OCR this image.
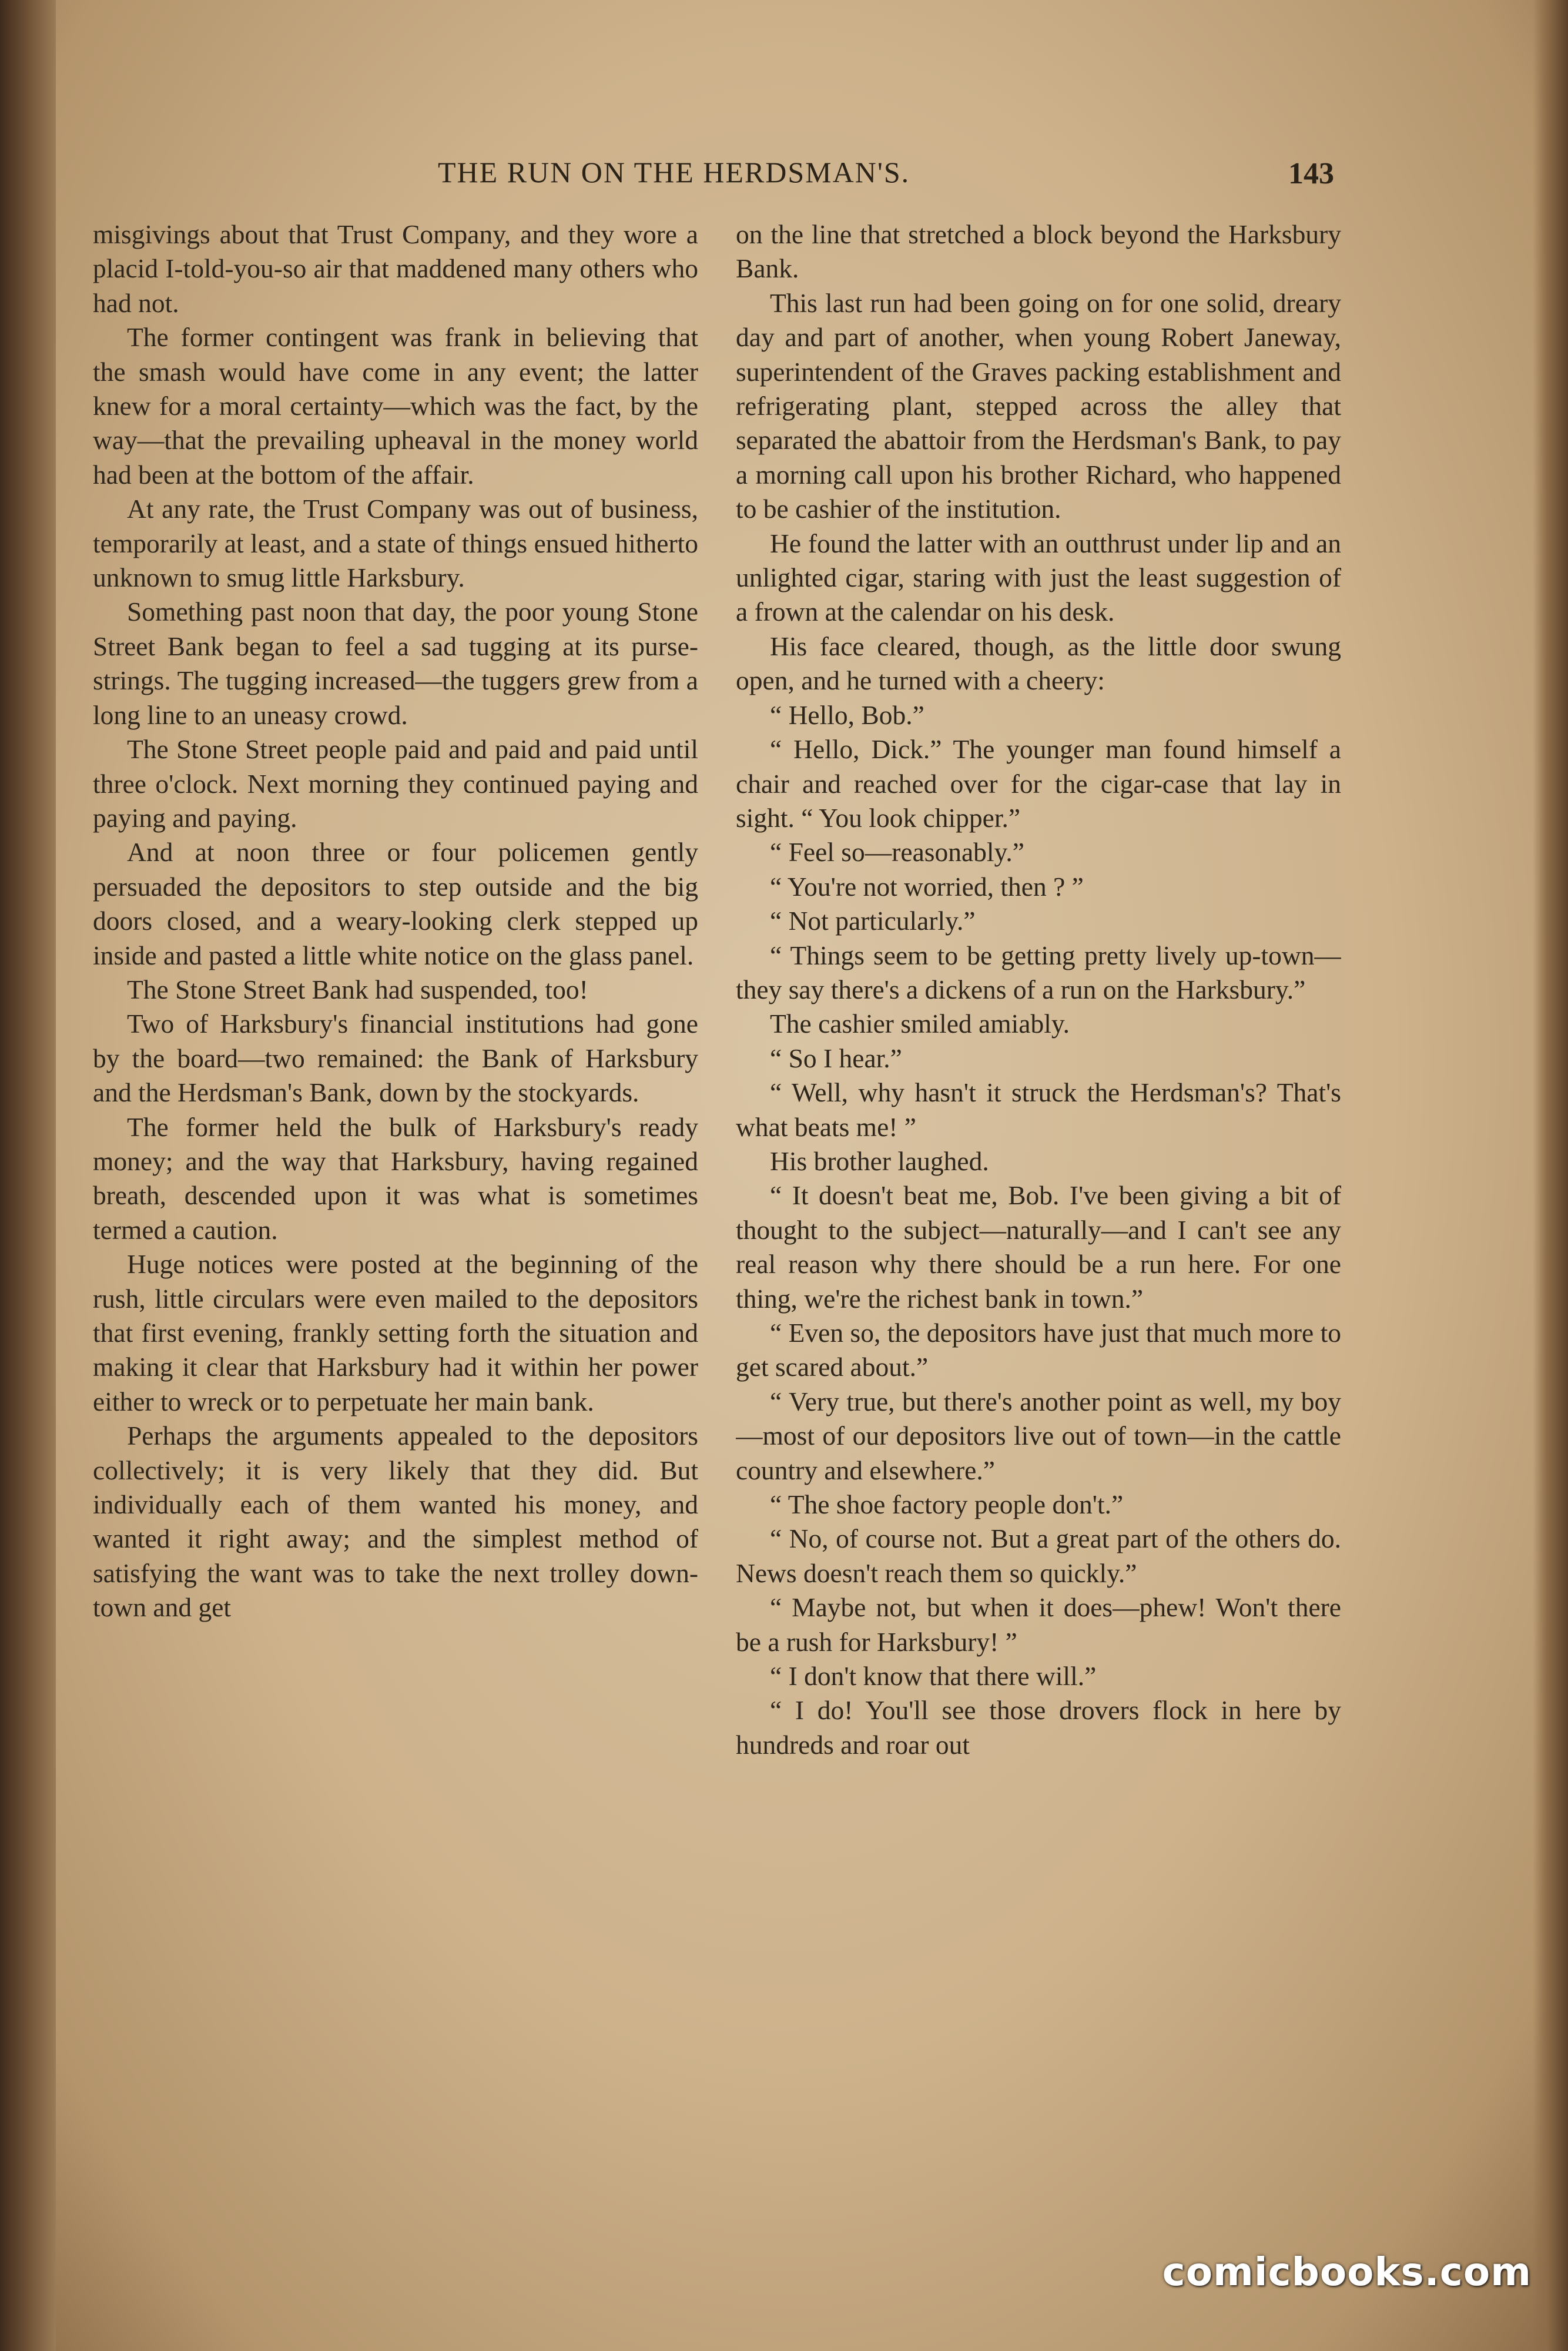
THE RUN ON THE HERDSMAN'S.	143

misgivings about that Trust Company, and they wore a placid I-told-you-so air that maddened many others who had not.

The former contingent was frank in believing that the smash would have come in any event; the latter knew for a moral certainty—which was the fact, by the way—that the prevailing upheaval in the money world had been at the bottom of the affair.

At any rate, the Trust Company was out of business, temporarily at least, and a state of things ensued hitherto unknown to smug little Harksbury.

Something past noon that day, the poor young Stone Street Bank began to feel a sad tugging at its purse-strings. The tugging increased—the tuggers grew from a long line to an uneasy crowd.

The Stone Street people paid and paid and paid until three o'clock. Next morning they continued paying and paying and paying.

And at noon three or four policemen gently persuaded the depositors to step outside and the big doors closed, and a weary-looking clerk stepped up inside and pasted a little white notice on the glass panel.

The Stone Street Bank had suspended, too!

Two of Harksbury's financial institutions had gone by the board—two remained: the Bank of Harksbury and the Herdsman's Bank, down by the stockyards.

The former held the bulk of Harksbury's ready money; and the way that Harksbury, having regained breath, descended upon it was what is sometimes termed a caution.

Huge notices were posted at the beginning of the rush, little circulars were even mailed to the depositors that first evening, frankly setting forth the situation and making it clear that Harksbury had it within her power either to wreck or to perpetuate her main bank.

Perhaps the arguments appealed to the depositors collectively; it is very likely that they did. But individually each of them wanted his money, and wanted it right away; and the simplest method of satisfying the want was to take the next trolley down-town and get

on the line that stretched a block beyond the Harksbury Bank.

This last run had been going on for one solid, dreary day and part of another, when young Robert Janeway, superintendent of the Graves packing establishment and refrigerating plant, stepped across the alley that separated the abattoir from the Herdsman's Bank, to pay a morning call upon his brother Richard, who happened to be cashier of the institution.

He found the latter with an outthrust under lip and an unlighted cigar, staring with just the least suggestion of a frown at the calendar on his desk.

His face cleared, though, as the little door swung open, and he turned with a cheery:

“ Hello, Bob.”

“ Hello, Dick.” The younger man found himself a chair and reached over for the cigar-case that lay in sight. “ You look chipper.”

“ Feel so—reasonably.”

“ You're not worried, then ? ”

“ Not particularly.”

“ Things seem to be getting pretty lively up-town—they say there's a dickens of a run on the Harksbury.”

The cashier smiled amiably.

“ So I hear.”

“ Well, why hasn't it struck the Herdsman's? That's what beats me! ”

His brother laughed.

“ It doesn't beat me, Bob. I've been giving a bit of thought to the subject—naturally—and I can't see any real reason why there should be a run here. For one thing, we're the richest bank in town.”

“ Even so, the depositors have just that much more to get scared about.”

“ Very true, but there's another point as well, my boy—most of our depositors live out of town—in the cattle country and elsewhere.”

“ The shoe factory people don't.”

“ No, of course not. But a great part of the others do. News doesn't reach them so quickly.”

“ Maybe not, but when it does—phew! Won't there be a rush for Harksbury! ”

“ I don't know that there will.”

“ I do! You'll see those drovers flock in here by hundreds and roar out

comicbooks.com
